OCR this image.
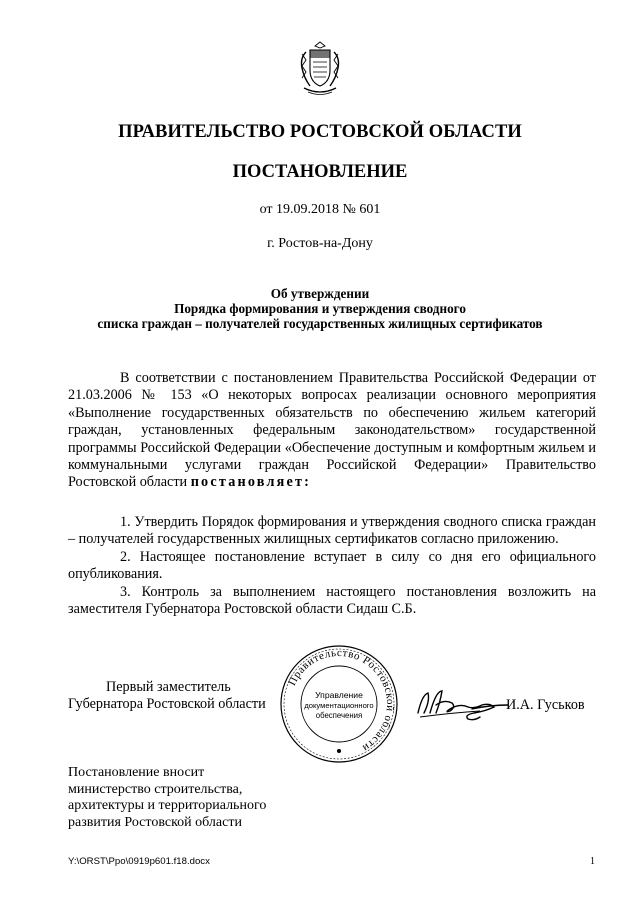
ПРАВИТЕЛЬСТВО РОСТОВСКОЙ ОБЛАСТИ
ПОСТАНОВЛЕНИЕ
от 19.09.2018 № 601
г. Ростов-на-Дону
Об утверждении
Порядка формирования и утверждения сводного
списка граждан – получателей государственных жилищных сертификатов

В соответствии с постановлением Правительства Российской Федерации от 21.03.2006 № 153 «О некоторых вопросах реализации основного мероприятия «Выполнение государственных обязательств по обеспечению жильем категорий граждан, установленных федеральным законодательством» государственной программы Российской Федерации «Обеспечение доступным и комфортным жильем и коммунальными услугами граждан Российской Федерации» Правительство Ростовской области постановляет:

1. Утвердить Порядок формирования и утверждения сводного списка граждан – получателей государственных жилищных сертификатов согласно приложению.

2. Настоящее постановление вступает в силу со дня его официального опубликования.

3. Контроль за выполнением настоящего постановления возложить на заместителя Губернатора Ростовской области Сидаш С.Б.

Правительство Ростовской области
Управление
документационного
обеспечения
Первый заместитель
Губернатора Ростовской области	И.А. Гуськов
Постановление вносит
министерство строительства,
архитектуры и территориального
развития Ростовской области
Y:\ORST\Ppo\0919p601.f18.docx	1
